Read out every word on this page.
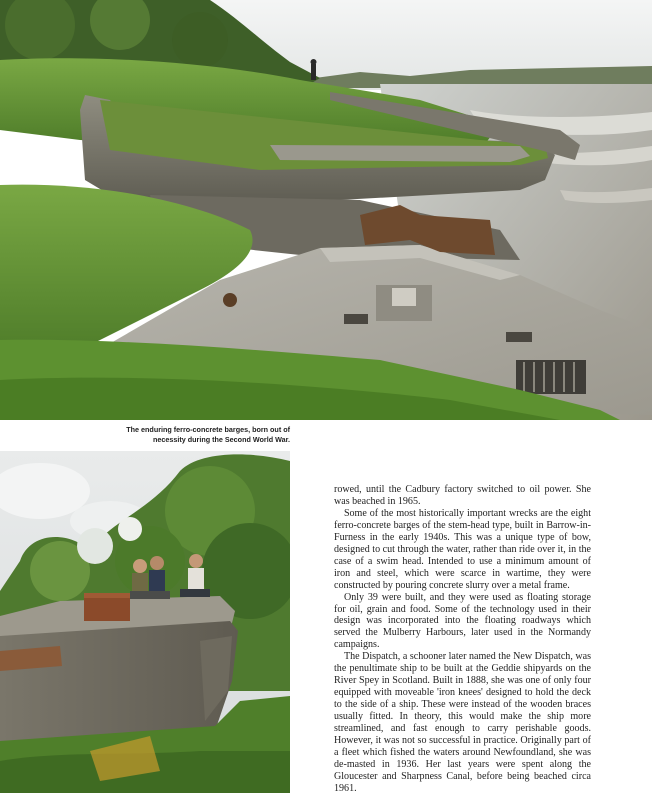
The enduring ferro-concrete barges, born out of
necessity during the Second World War.

rowed, until the Cadbury factory switched to oil power. She was beached in 1965.

Some of the most historically important wrecks are the eight ferro-concrete barges of the stem-head type, built in Barrow-in-Furness in the early 1940s. This was a unique type of bow, designed to cut through the water, rather than ride over it, in the case of a swim head. Intended to use a minimum amount of iron and steel, which were scarce in wartime, they were constructed by pouring concrete slurry over a metal frame.

Only 39 were built, and they were used as floating storage for oil, grain and food. Some of the technology used in their design was incorporated into the floating roadways which served the Mulberry Harbours, later used in the Normandy campaigns.

The Dispatch, a schooner later named the New Dispatch, was the penultimate ship to be built at the Geddie shipyards on the River Spey in Scotland. Built in 1888, she was one of only four equipped with moveable 'iron knees' designed to hold the deck to the side of a ship. These were instead of the wooden braces usually fitted. In theory, this would make the ship more streamlined, and fast enough to carry perishable goods. However, it was not so successful in practice. Originally part of a fleet which fished the waters around Newfoundland, she was de-masted in 1936. Her last years were spent along the Gloucester and Sharpness Canal, before being beached circa 1961.
